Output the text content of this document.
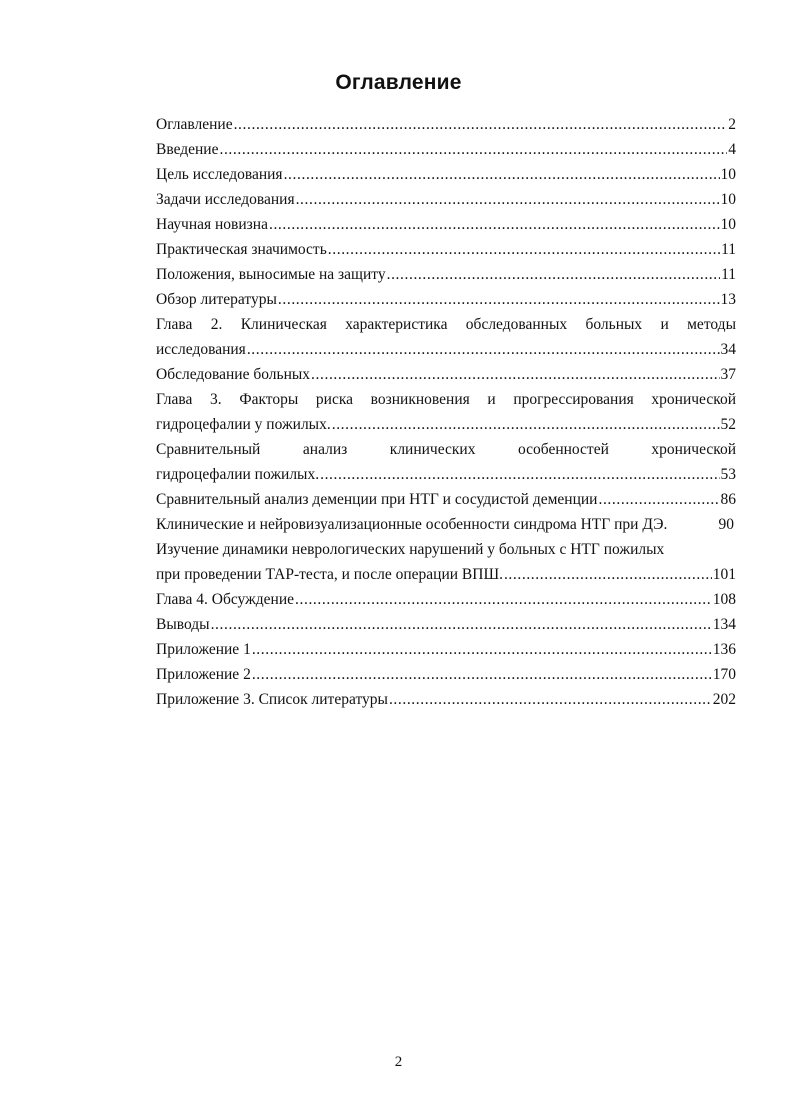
Оглавление
Оглавление .....	2
Введение .....	4
Цель исследования .....	10
Задачи исследования .....	10
Научная новизна .....	10
Практическая значимость .....	11
Положения, выносимые на защиту .....	11
Обзор литературы .....	13
Глава 2. Клиническая характеристика обследованных больных и методы
исследования .....	34
Обследование больных .....	37
Глава 3. Факторы риска возникновения и прогрессирования хронической
гидроцефалии у пожилых. .....	52
Сравнительный анализ клинических особенностей хронической
гидроцефалии пожилых. .....	53
Сравнительный анализ деменции при НТГ и сосудистой деменции .....	86
Клинические и нейровизуализационные особенности синдрома НТГ при ДЭ.	90
Изучение динамики неврологических нарушений у больных с НТГ пожилых
при проведении ТАР-теста, и после операции ВПШ. .....	101
Глава 4. Обсуждение .....	108
Выводы .....	134
Приложение 1 .....	136
Приложение 2 .....	170
Приложение 3. Список литературы .....	202
2
